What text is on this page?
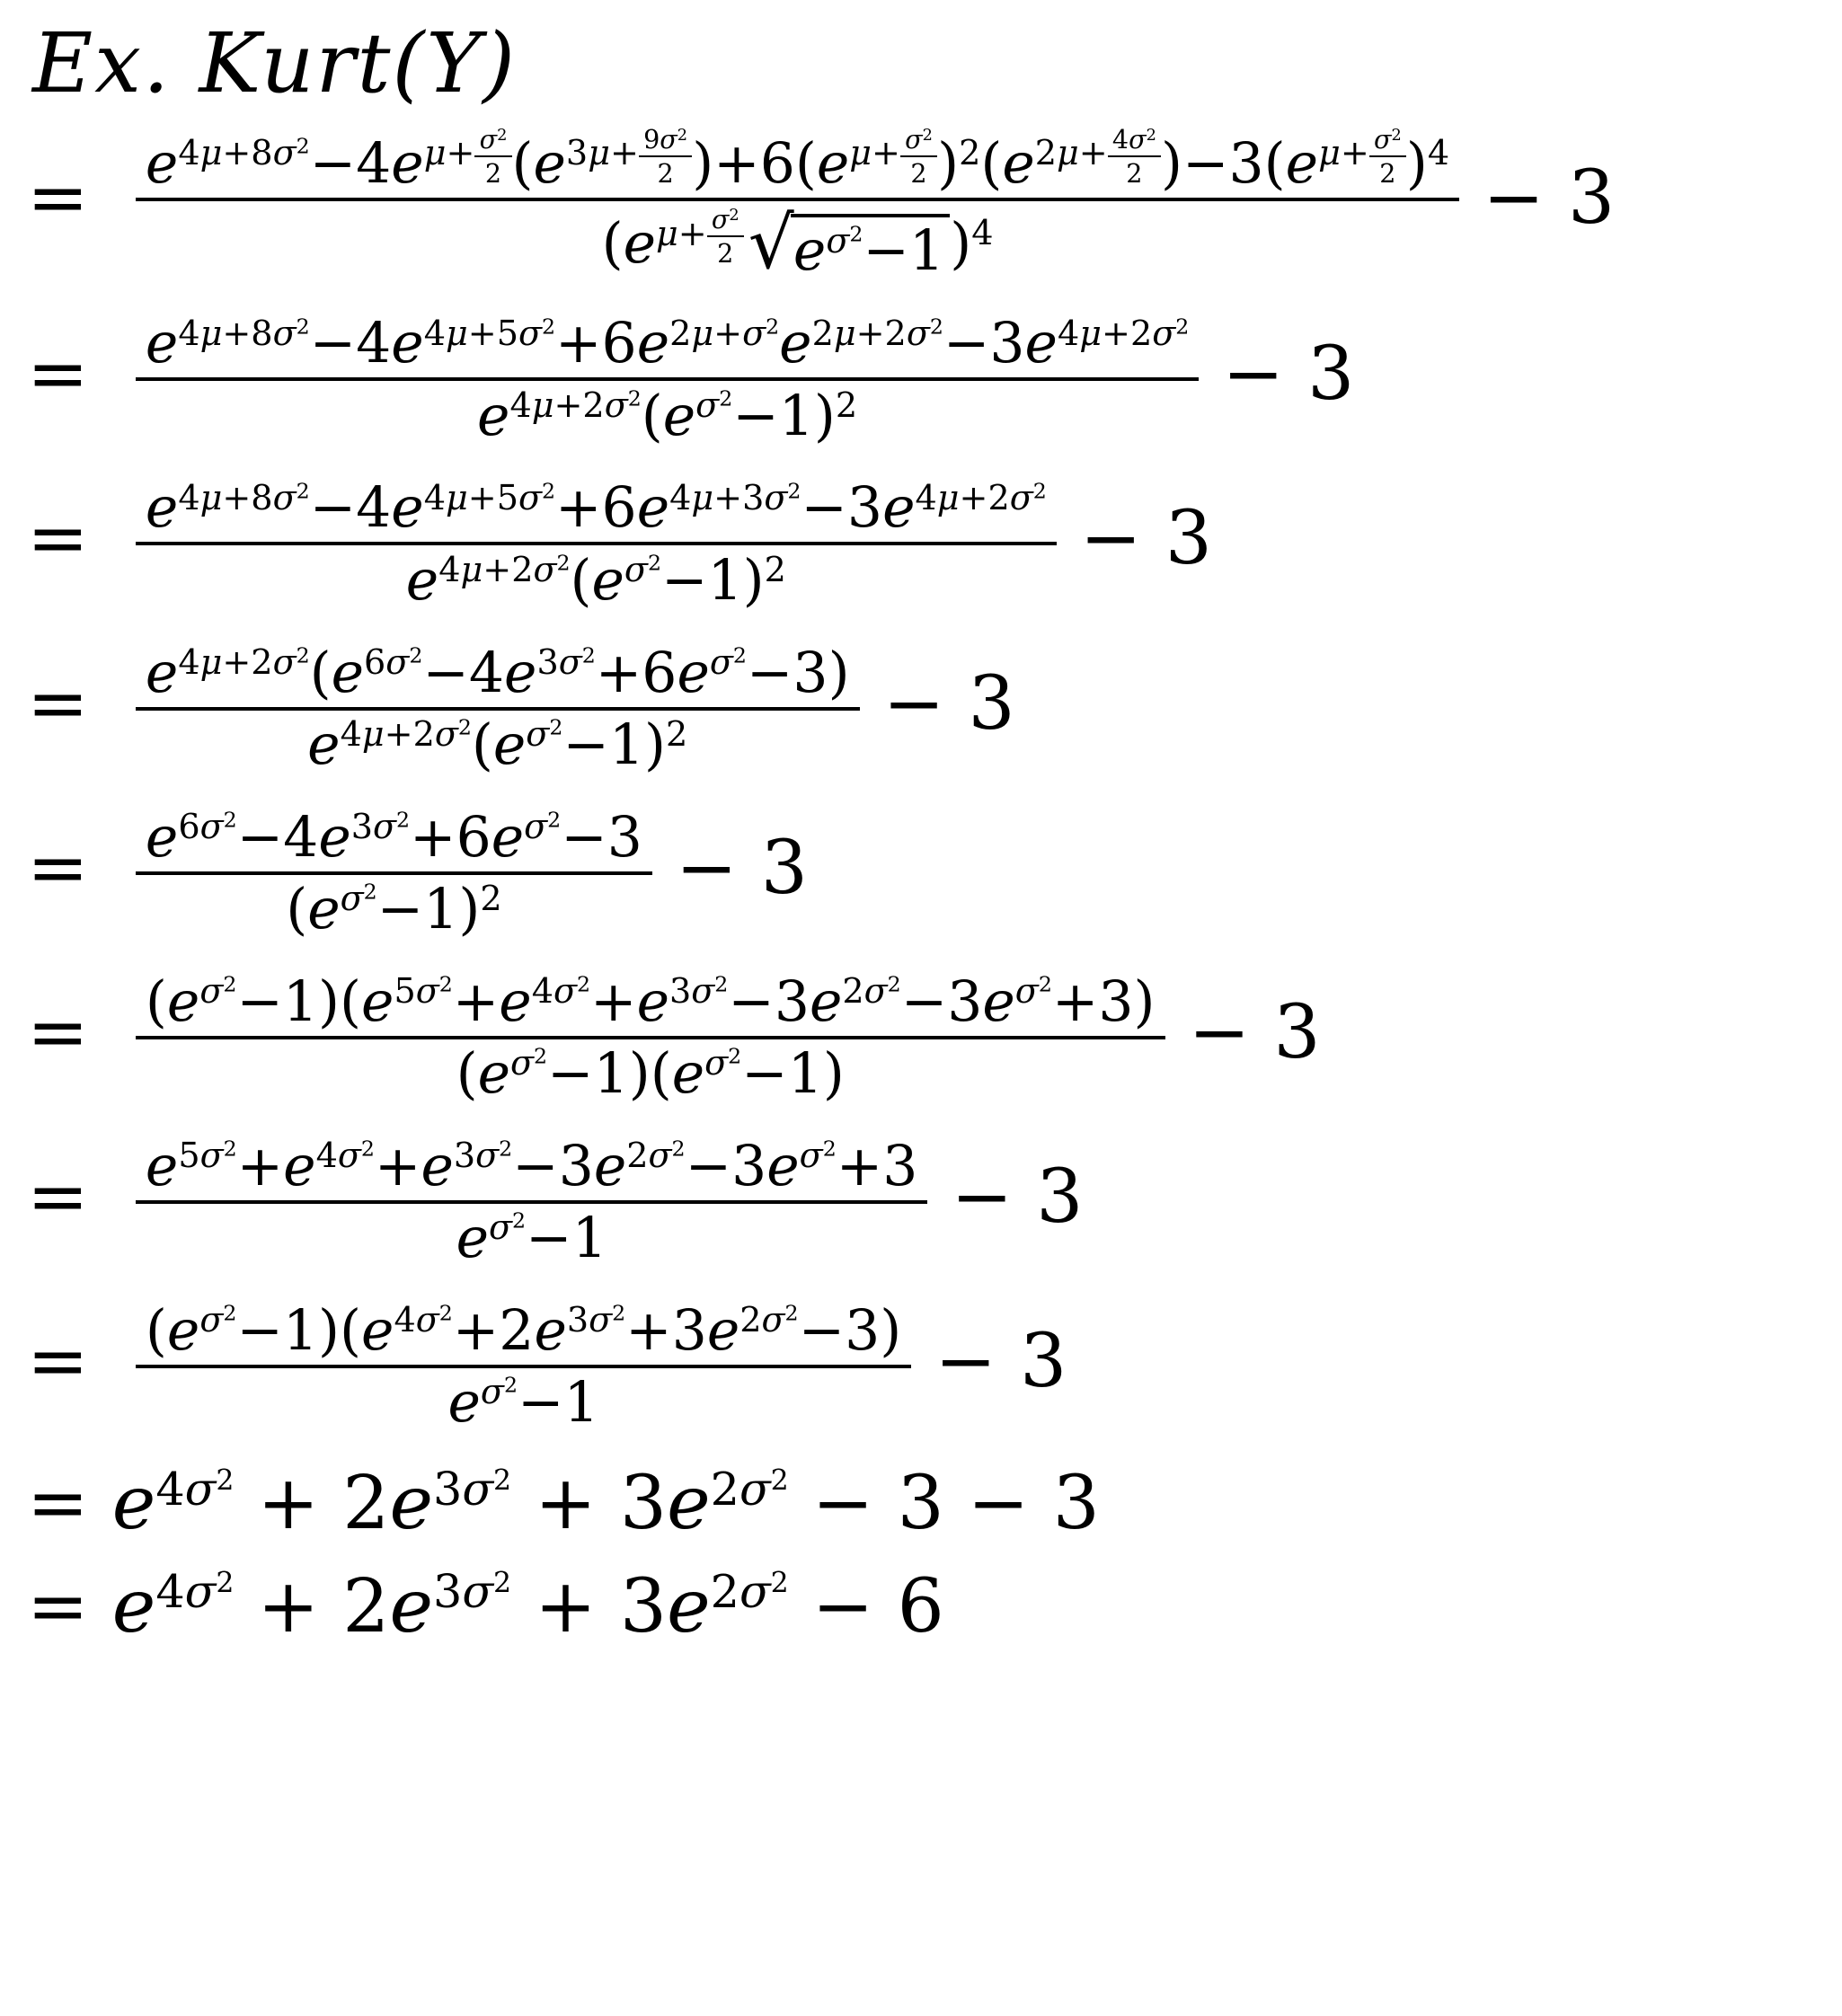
Ex. Kurt(Y)
= $e^{4\mu+8\sigma^2}-4e^{\mu+ \frac{\sigma^2}{2}}$ ($e^{3\mu+ \frac{9\sigma^2}{2}}$ )$+6(e^{\mu+ \frac{\sigma^2}{2}}$ )$^2(e^{2\mu+ \frac{4\sigma^2}{2}}$ )$-3(e^{\mu+ \frac{\sigma^2}{2}}$ )$^4$
($e^{\mu+ \frac{\sigma^2}{2}}$ √ $e^{\sigma^2}-1$ )$^4$ − 3
= $\frac{e^{4\mu+8\sigma^2}-4e^{4\mu+5\sigma^2}+6e^{2\mu+\sigma^2}e^{2\mu+2\sigma^2}-3e^{4\mu+2\sigma^2}}{e^{4\mu+2\sigma^2}(e^{\sigma^2}-1)^2} - 3$
= $\frac{e^{4\mu+8\sigma^2}-4e^{4\mu+5\sigma^2}+6e^{4\mu+3\sigma^2}-3e^{4\mu+2\sigma^2}}{e^{4\mu+2\sigma^2}(e^{\sigma^2}-1)^2} - 3$
= $\frac{e^{4\mu+2\sigma^2}(e^{6\sigma^2}-4e^{3\sigma^2}+6e^{\sigma^2}-3)}{e^{4\mu+2\sigma^2}(e^{\sigma^2}-1)^2} - 3$
= $\frac{e^{6\sigma^2}-4e^{3\sigma^2}+6e^{\sigma^2}-3}{(e^{\sigma^2}-1)^2} - 3$
= $\frac{(e^{\sigma^2}-1)(e^{5\sigma^2}+e^{4\sigma^2}+e^{3\sigma^2}-3e^{2\sigma^2}-3e^{\sigma^2}+3)}{(e^{\sigma^2}-1)(e^{\sigma^2}-1)} - 3$
= $\frac{e^{5\sigma^2}+e^{4\sigma^2}+e^{3\sigma^2}-3e^{2\sigma^2}-3e^{\sigma^2}+3}{e^{\sigma^2}-1} - 3$
= $\frac{(e^{\sigma^2}-1)(e^{4\sigma^2}+2e^{3\sigma^2}+3e^{2\sigma^2}-3)}{e^{\sigma^2}-1} - 3$
= $e^{4\sigma^2} + 2e^{3\sigma^2} + 3e^{2\sigma^2} - 3 - 3$
= $e^{4\sigma^2} + 2e^{3\sigma^2} + 3e^{2\sigma^2} - 6$
